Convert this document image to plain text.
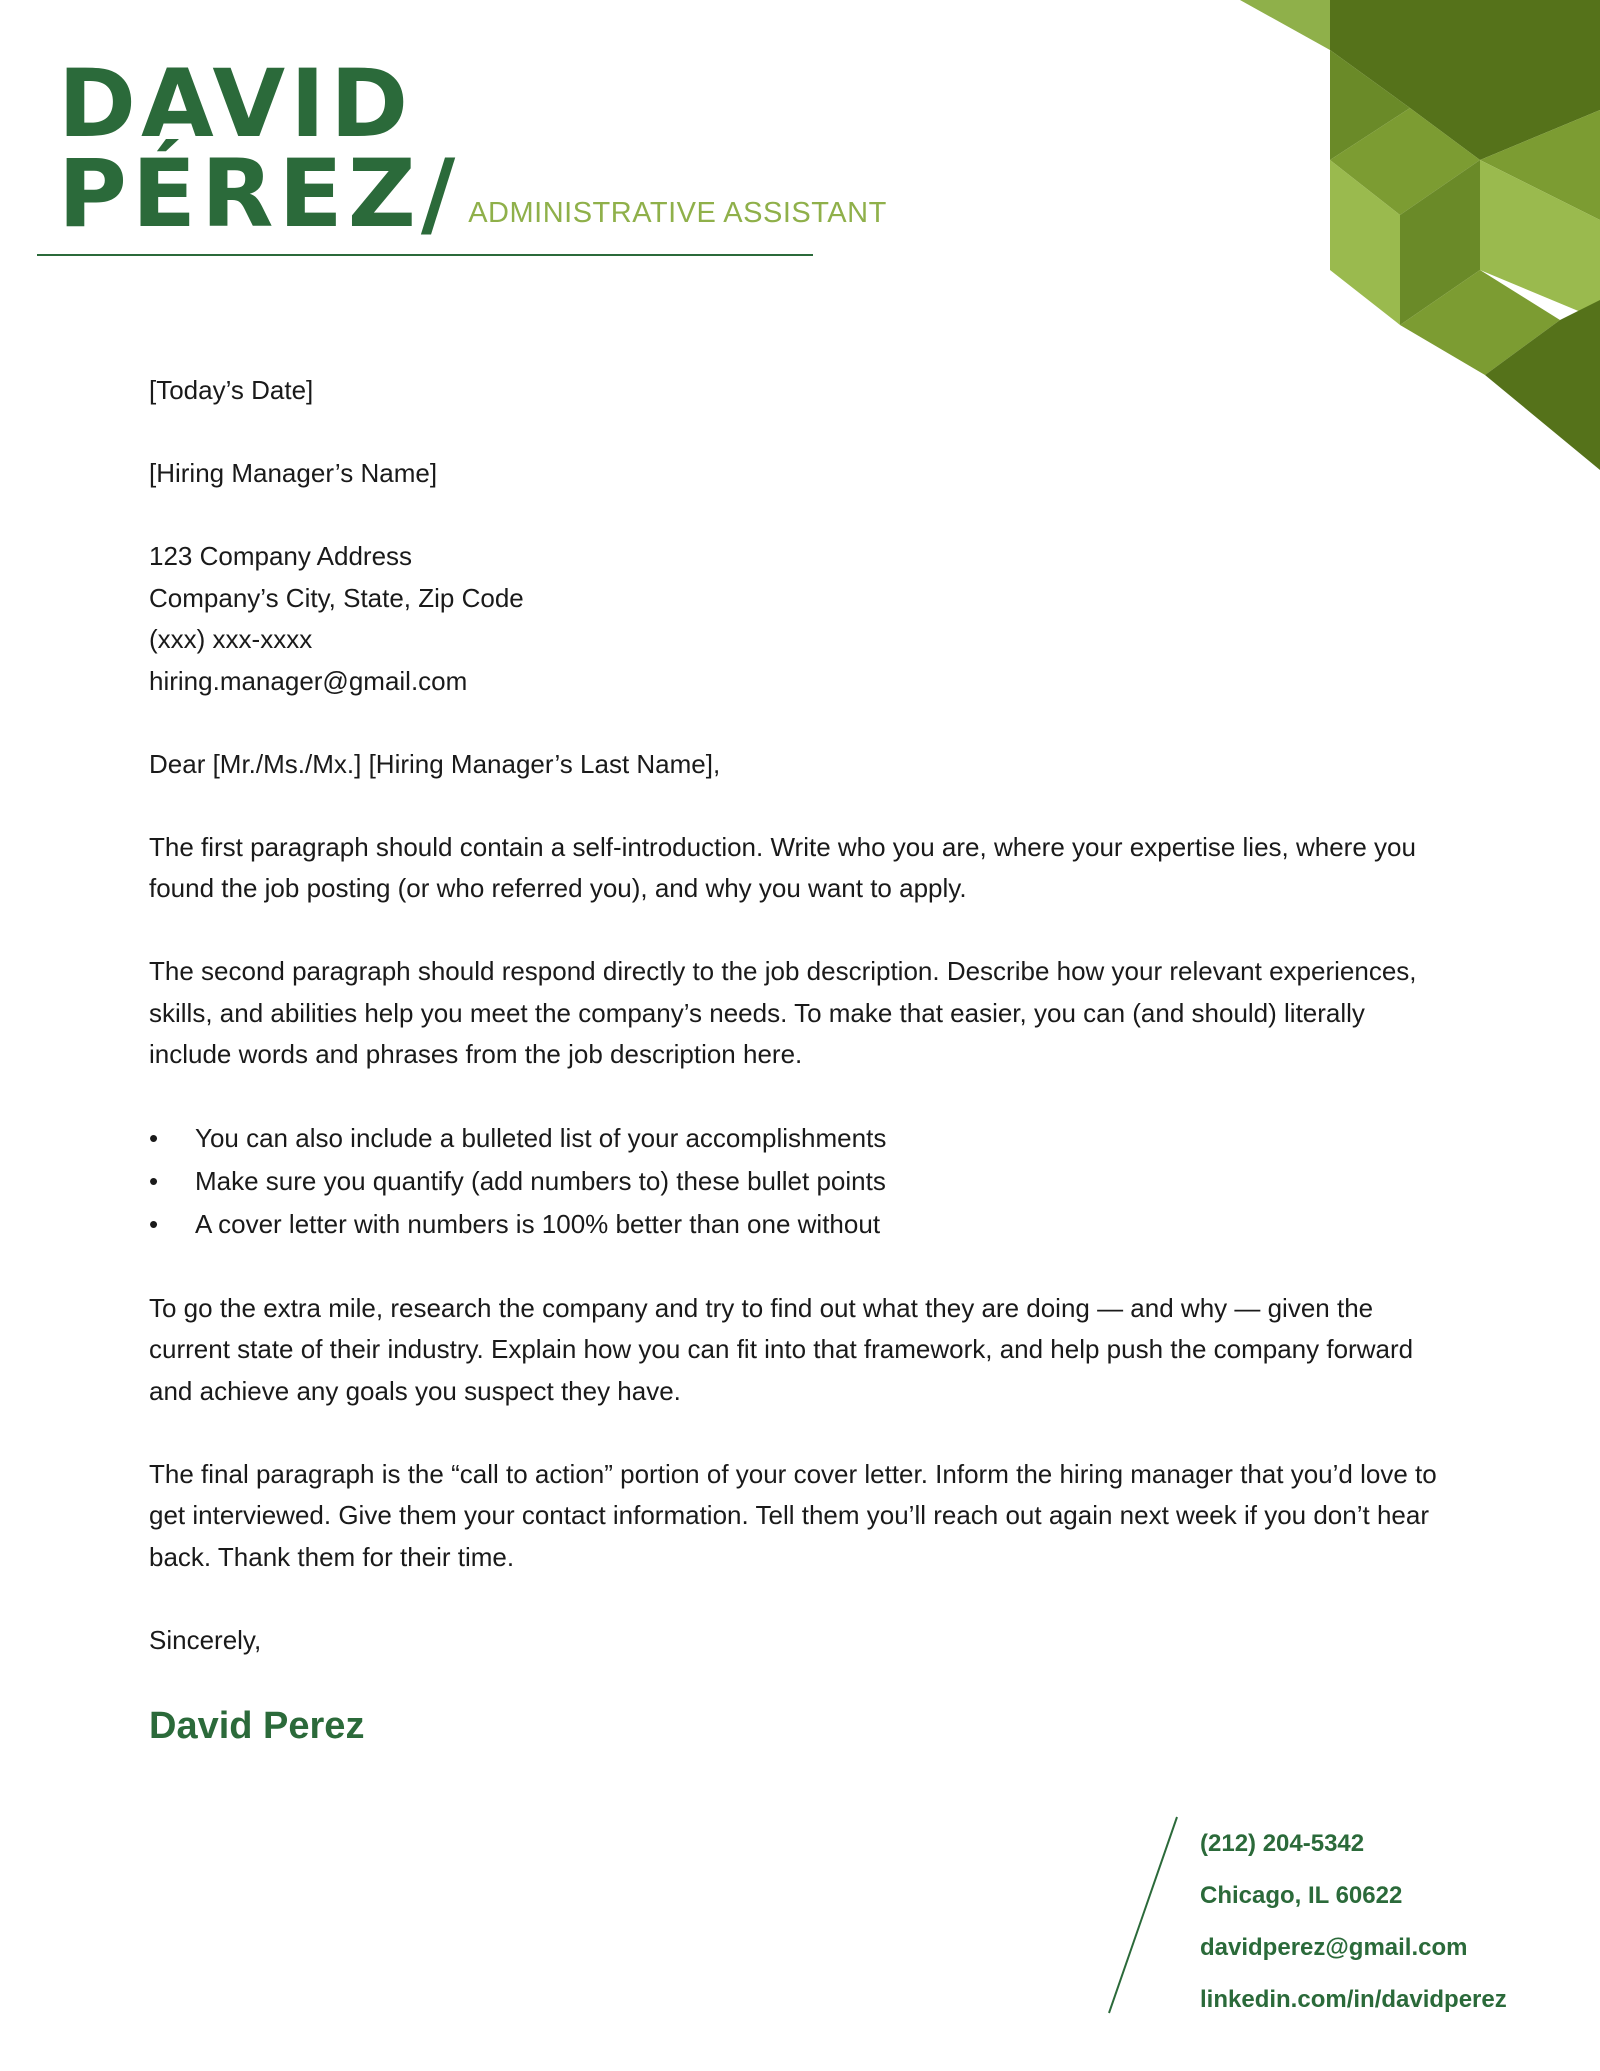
DAVID

PÉREZ/ ADMINISTRATIVE ASSISTANT

[Today’s Date]

[Hiring Manager’s Name]

123 Company Address

Company’s City, State, Zip Code

(xxx) xxx-xxxx

hiring.manager@gmail.com

Dear [Mr./Ms./Mx.] [Hiring Manager’s Last Name],

The first paragraph should contain a self-introduction. Write who you are, where your expertise lies, where you found the job posting (or who referred you), and why you want to apply.

The second paragraph should respond directly to the job description. Describe how your relevant experiences, skills, and abilities help you meet the company’s needs. To make that easier, you can (and should) literally include words and phrases from the job description here.

• You can also include a bulleted list of your accomplishments
• Make sure you quantify (add numbers to) these bullet points
• A cover letter with numbers is 100% better than one without

To go the extra mile, research the company and try to find out what they are doing — and why — given the current state of their industry. Explain how you can fit into that framework, and help push the company forward and achieve any goals you suspect they have.

The final paragraph is the “call to action” portion of your cover letter. Inform the hiring manager that you’d love to get interviewed. Give them your contact information. Tell them you’ll reach out again next week if you don’t hear back. Thank them for their time.

Sincerely,

David Perez

(212) 204-5342
Chicago, IL 60622
davidperez@gmail.com
linkedin.com/in/davidperez
